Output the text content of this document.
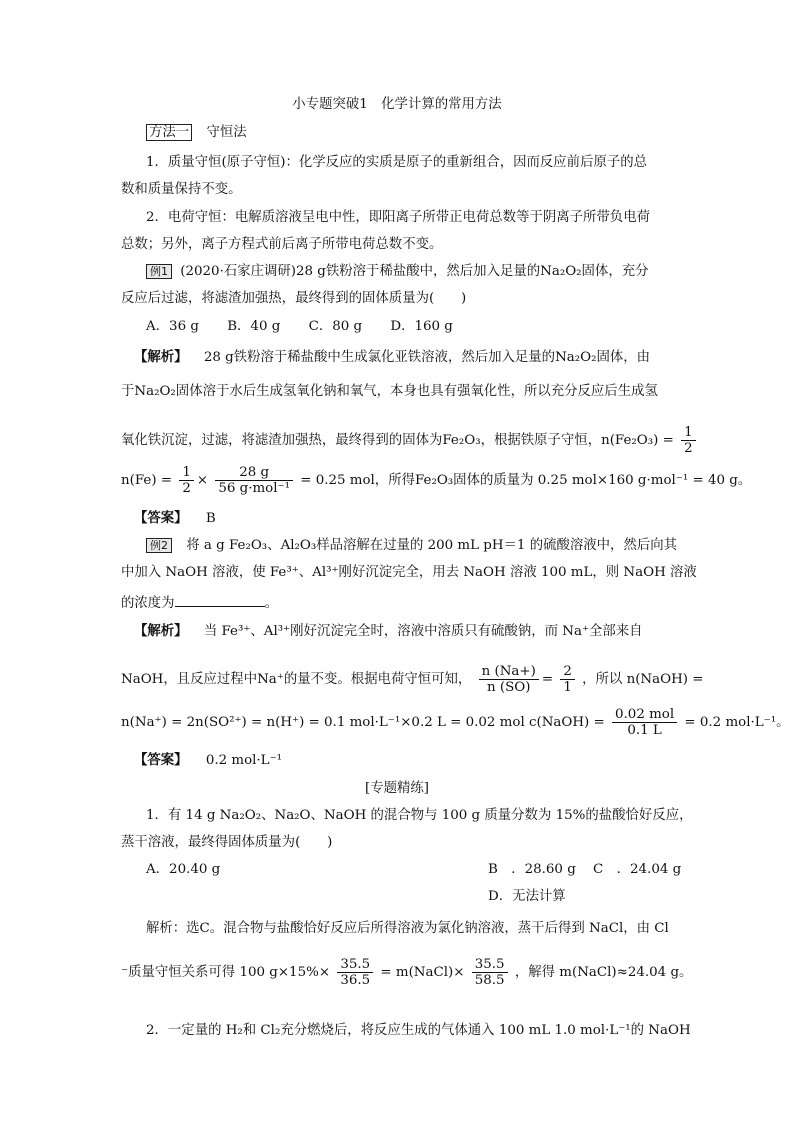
小专题突破1　化学计算的常用方法
方法一 守恒法
1．质量守恒(原子守恒)：化学反应的实质是原子的重新组合，因而反应前后原子的总
数和质量保持不变。
2．电荷守恒：电解质溶液呈电中性，即阳离子所带正电荷总数等于阴离子所带负电荷
总数；另外，离子方程式前后离子所带电荷总数不变。
例1 (2020·石家庄调研)28 g铁粉溶于稀盐酸中，然后加入足量的Na₂O₂固体，充分
反应后过滤，将滤渣加强热，最终得到的固体质量为(　　)
A．36 g B．40 g C．80 g D．160 g
【解析】 28 g铁粉溶于稀盐酸中生成氯化亚铁溶液，然后加入足量的Na₂O₂固体，由
于Na₂O₂固体溶于水后生成氢氧化钠和氧气，本身也具有强氧化性，所以充分反应后生成氢
氧化铁沉淀，过滤，将滤渣加强热，最终得到的固体为Fe₂O₃，根据铁原子守恒，$n(Fe_2O_3) = \frac{1}{2}$
$n(Fe) = \frac{1}{2} \times \frac{28 g}{\text{56 g·mol⁻¹}} = 0.25$ mol，所得Fe₂O₃固体的质量为 0.25 mol×160 g·mol⁻¹ = 40 g。
【答案】 B
例2 将 a g Fe₂O₃、Al₂O₃样品溶解在过量的 200 mL pH＝1 的硫酸溶液中，然后向其
中加入 NaOH 溶液，使 Fe³⁺、Al³⁺刚好沉淀完全，用去 NaOH 溶液 100 mL，则 NaOH 溶液
的浓度为	。
【解析】 当 Fe³⁺、Al³⁺刚好沉淀完全时，溶液中溶质只有硫酸钠，而 Na⁺全部来自
NaOH，且反应过程中Na⁺的量不变。根据电荷守恒可知， $\frac{n (Na+)}{n (SO)} = \frac{2}{1}$ ，所以 n(NaOH) =
n(Na⁺) = 2n(SO²⁺) = n(H⁺) = 0.1 mol·L⁻¹×0.2 L = 0.02 mol c(NaOH) = $\frac{\text{0.02 mol}}{0.1 L} = 0.2$ mol·L⁻¹。
【答案】 0.2 mol·L⁻¹
[专题精练]
1．有 14 g Na₂O₂、Na₂O、NaOH 的混合物与 100 g 质量分数为 15%的盐酸恰好反应，
蒸干溶液，最终得固体质量为(　　)
A．20.40 g	B　．28.60 g C　．24.04 g
D．无法计算
解析：选C。混合物与盐酸恰好反应后所得溶液为氯化钠溶液，蒸干后得到 NaCl，由 Cl
⁻质量守恒关系可得 100 $g\times 15\%\times \frac{35.5}{36.5}$ = m(NaCl)× $\frac{35.5}{58.5}$ ，解得 m(NaCl)≈24.04 g。
2．一定量的 H₂和 Cl₂充分燃烧后，将反应生成的气体通入 100 mL 1.0 mol·L⁻¹的 NaOH
